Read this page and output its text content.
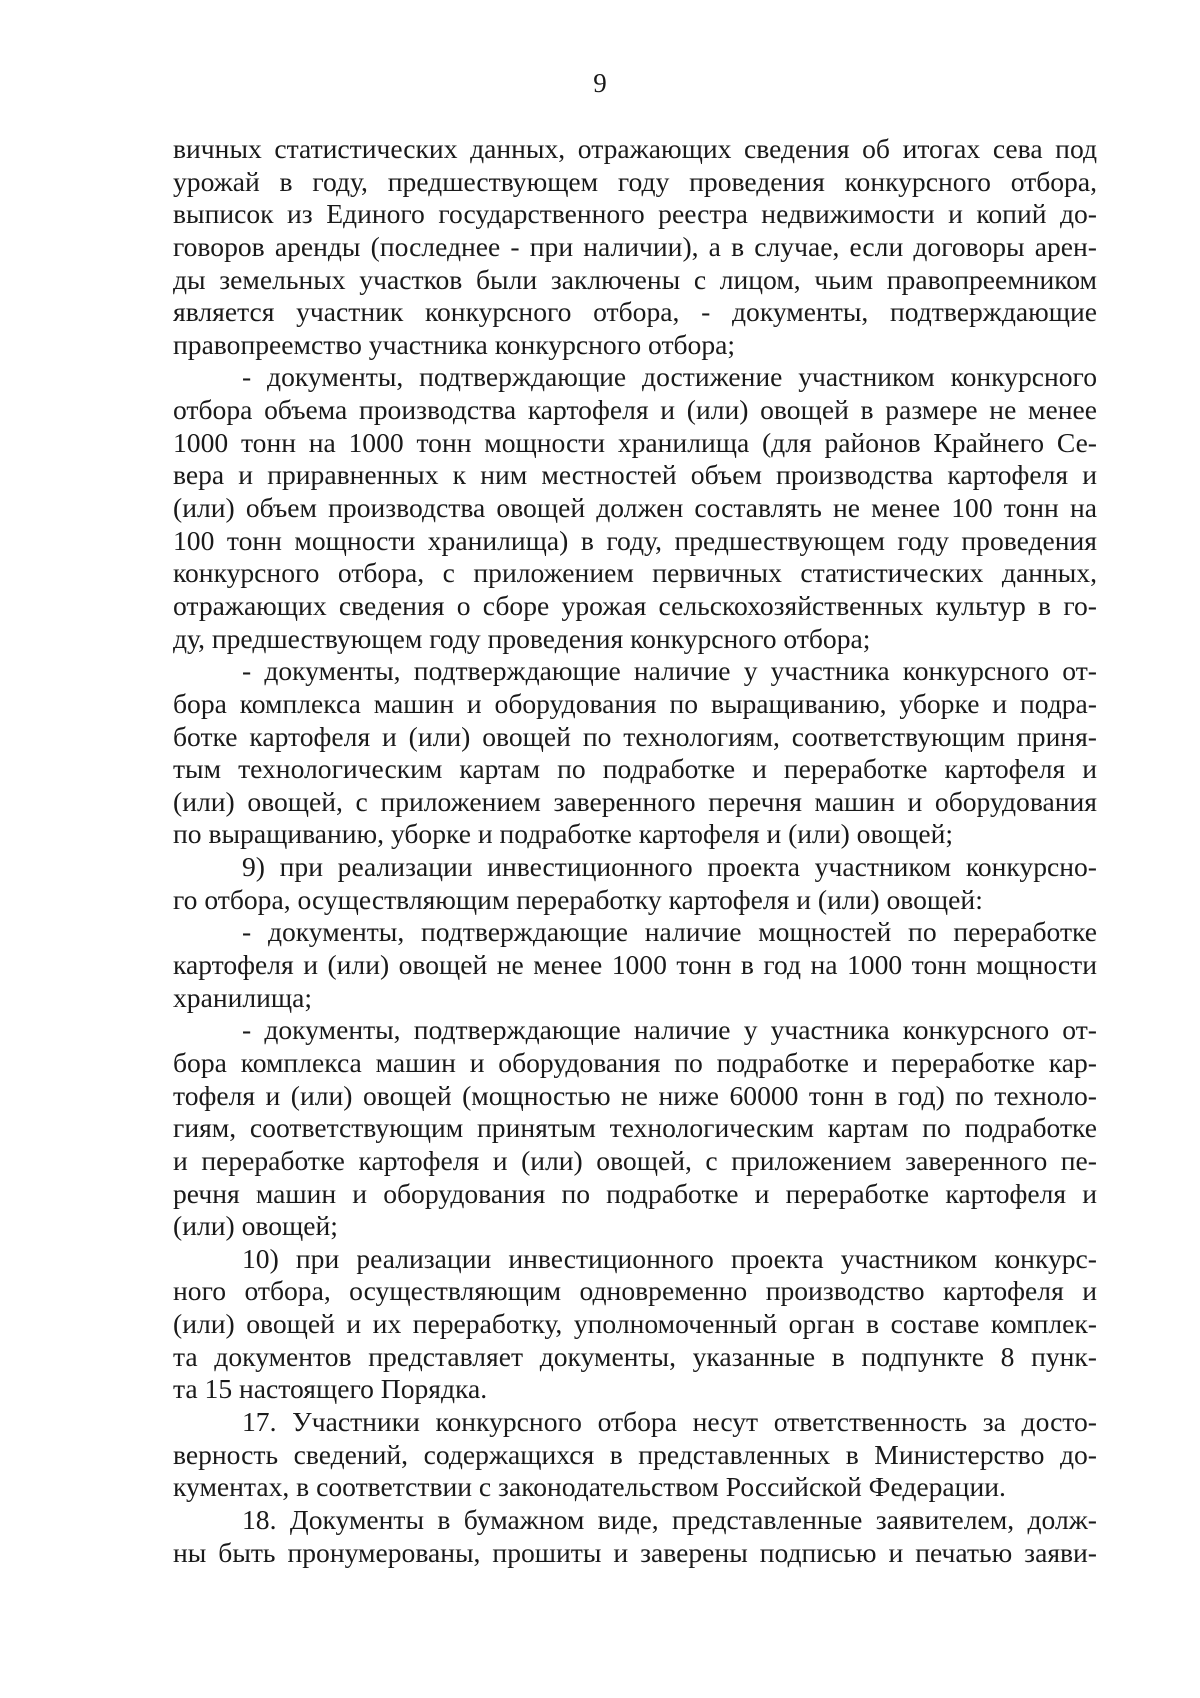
9
вичных статистических данных, отражающих сведения об итогах сева под
урожай в году, предшествующем году проведения конкурсного отбора,
выписок из Единого государственного реестра недвижимости и копий до-
говоров аренды (последнее - при наличии), а в случае, если договоры арен-
ды земельных участков были заключены с лицом, чьим правопреемником
является участник конкурсного отбора, - документы, подтверждающие
правопреемство участника конкурсного отбора;
- документы, подтверждающие достижение участником конкурсного
отбора объема производства картофеля и (или) овощей в размере не менее
1000 тонн на 1000 тонн мощности хранилища (для районов Крайнего Се-
вера и приравненных к ним местностей объем производства картофеля и
(или) объем производства овощей должен составлять не менее 100 тонн на
100 тонн мощности хранилища) в году, предшествующем году проведения
конкурсного отбора, с приложением первичных статистических данных,
отражающих сведения о сборе урожая сельскохозяйственных культур в го-
ду, предшествующем году проведения конкурсного отбора;
- документы, подтверждающие наличие у участника конкурсного от-
бора комплекса машин и оборудования по выращиванию, уборке и подра-
ботке картофеля и (или) овощей по технологиям, соответствующим приня-
тым технологическим картам по подработке и переработке картофеля и
(или) овощей, с приложением заверенного перечня машин и оборудования
по выращиванию, уборке и подработке картофеля и (или) овощей;
9) при реализации инвестиционного проекта участником конкурсно-
го отбора, осуществляющим переработку картофеля и (или) овощей:
- документы, подтверждающие наличие мощностей по переработке
картофеля и (или) овощей не менее 1000 тонн в год на 1000 тонн мощности
хранилища;
- документы, подтверждающие наличие у участника конкурсного от-
бора комплекса машин и оборудования по подработке и переработке кар-
тофеля и (или) овощей (мощностью не ниже 60000 тонн в год) по техноло-
гиям, соответствующим принятым технологическим картам по подработке
и переработке картофеля и (или) овощей, с приложением заверенного пе-
речня машин и оборудования по подработке и переработке картофеля и
(или) овощей;
10) при реализации инвестиционного проекта участником конкурс-
ного отбора, осуществляющим одновременно производство картофеля и
(или) овощей и их переработку, уполномоченный орган в составе комплек-
та документов представляет документы, указанные в подпункте 8 пунк-
та 15 настоящего Порядка.
17. Участники конкурсного отбора несут ответственность за досто-
верность сведений, содержащихся в представленных в Министерство до-
кументах, в соответствии с законодательством Российской Федерации.
18. Документы в бумажном виде, представленные заявителем, долж-
ны быть пронумерованы, прошиты и заверены подписью и печатью заяви-
